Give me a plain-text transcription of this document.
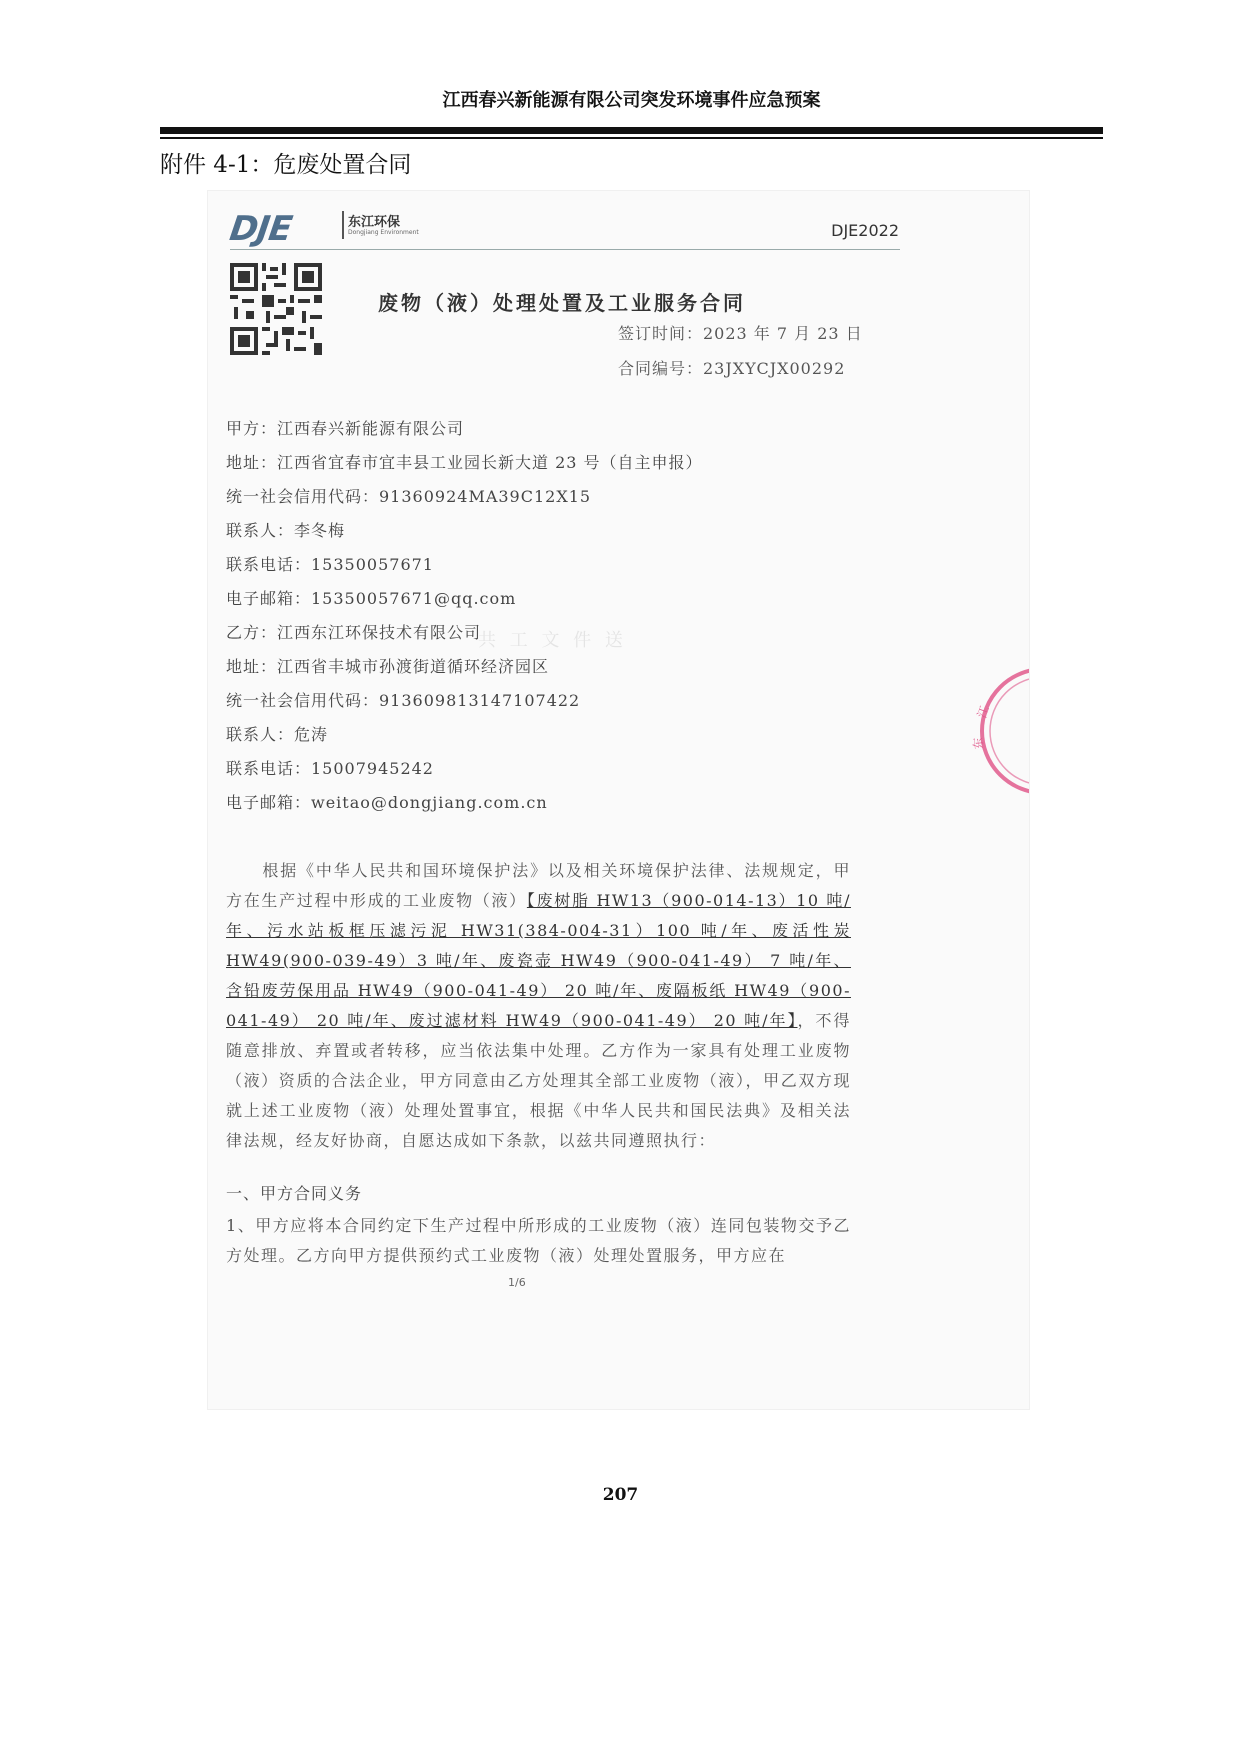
江西春兴新能源有限公司突发环境事件应急预案
附件 4-1：危废处置合同
DJE	东江环保
Dongjiang Environment	DJE2022
废物（液）处理处置及工业服务合同
签订时间：2023 年 7 月 23 日
合同编号：23JXYCJX00292
共 工 文 件 送
甲方：江西春兴新能源有限公司
地址：江西省宜春市宜丰县工业园长新大道 23 号（自主申报）
统一社会信用代码：91360924MA39C12X15
联系人：李冬梅
联系电话：15350057671
电子邮箱：15350057671@qq.com
乙方：江西东江环保技术有限公司
地址：江西省丰城市孙渡街道循环经济园区
统一社会信用代码：913609813147107422
联系人：危涛
联系电话：15007945242
电子邮箱：weitao@dongjiang.com.cn
根据《中华人民共和国环境保护法》以及相关环境保护法律、法规规定，甲方在生产过程中形成的工业废物（液）【废树脂 HW13（900-014-13）10 吨/年、污水站板框压滤污泥 HW31(384-004-31）100 吨/年、废活性炭 HW49(900-039-49）3 吨/年、废瓷壶 HW49（900-041-49） 7 吨/年、含铅废劳保用品 HW49（900-041-49） 20 吨/年、废隔板纸 HW49（900-041-49） 20 吨/年、废过滤材料 HW49（900-041-49） 20 吨/年】，不得随意排放、弃置或者转移，应当依法集中处理。乙方作为一家具有处理工业废物（液）资质的合法企业，甲方同意由乙方处理其全部工业废物（液），甲乙双方现就上述工业废物（液）处理处置事宜，根据《中华人民共和国民法典》及相关法律法规，经友好协商，自愿达成如下条款，以兹共同遵照执行：
一、甲方合同义务
1、甲方应将本合同约定下生产过程中所形成的工业废物（液）连同包装物交予乙方处理。乙方向甲方提供预约式工业废物（液）处理处置服务，甲方应在
1/6
江
东
207
